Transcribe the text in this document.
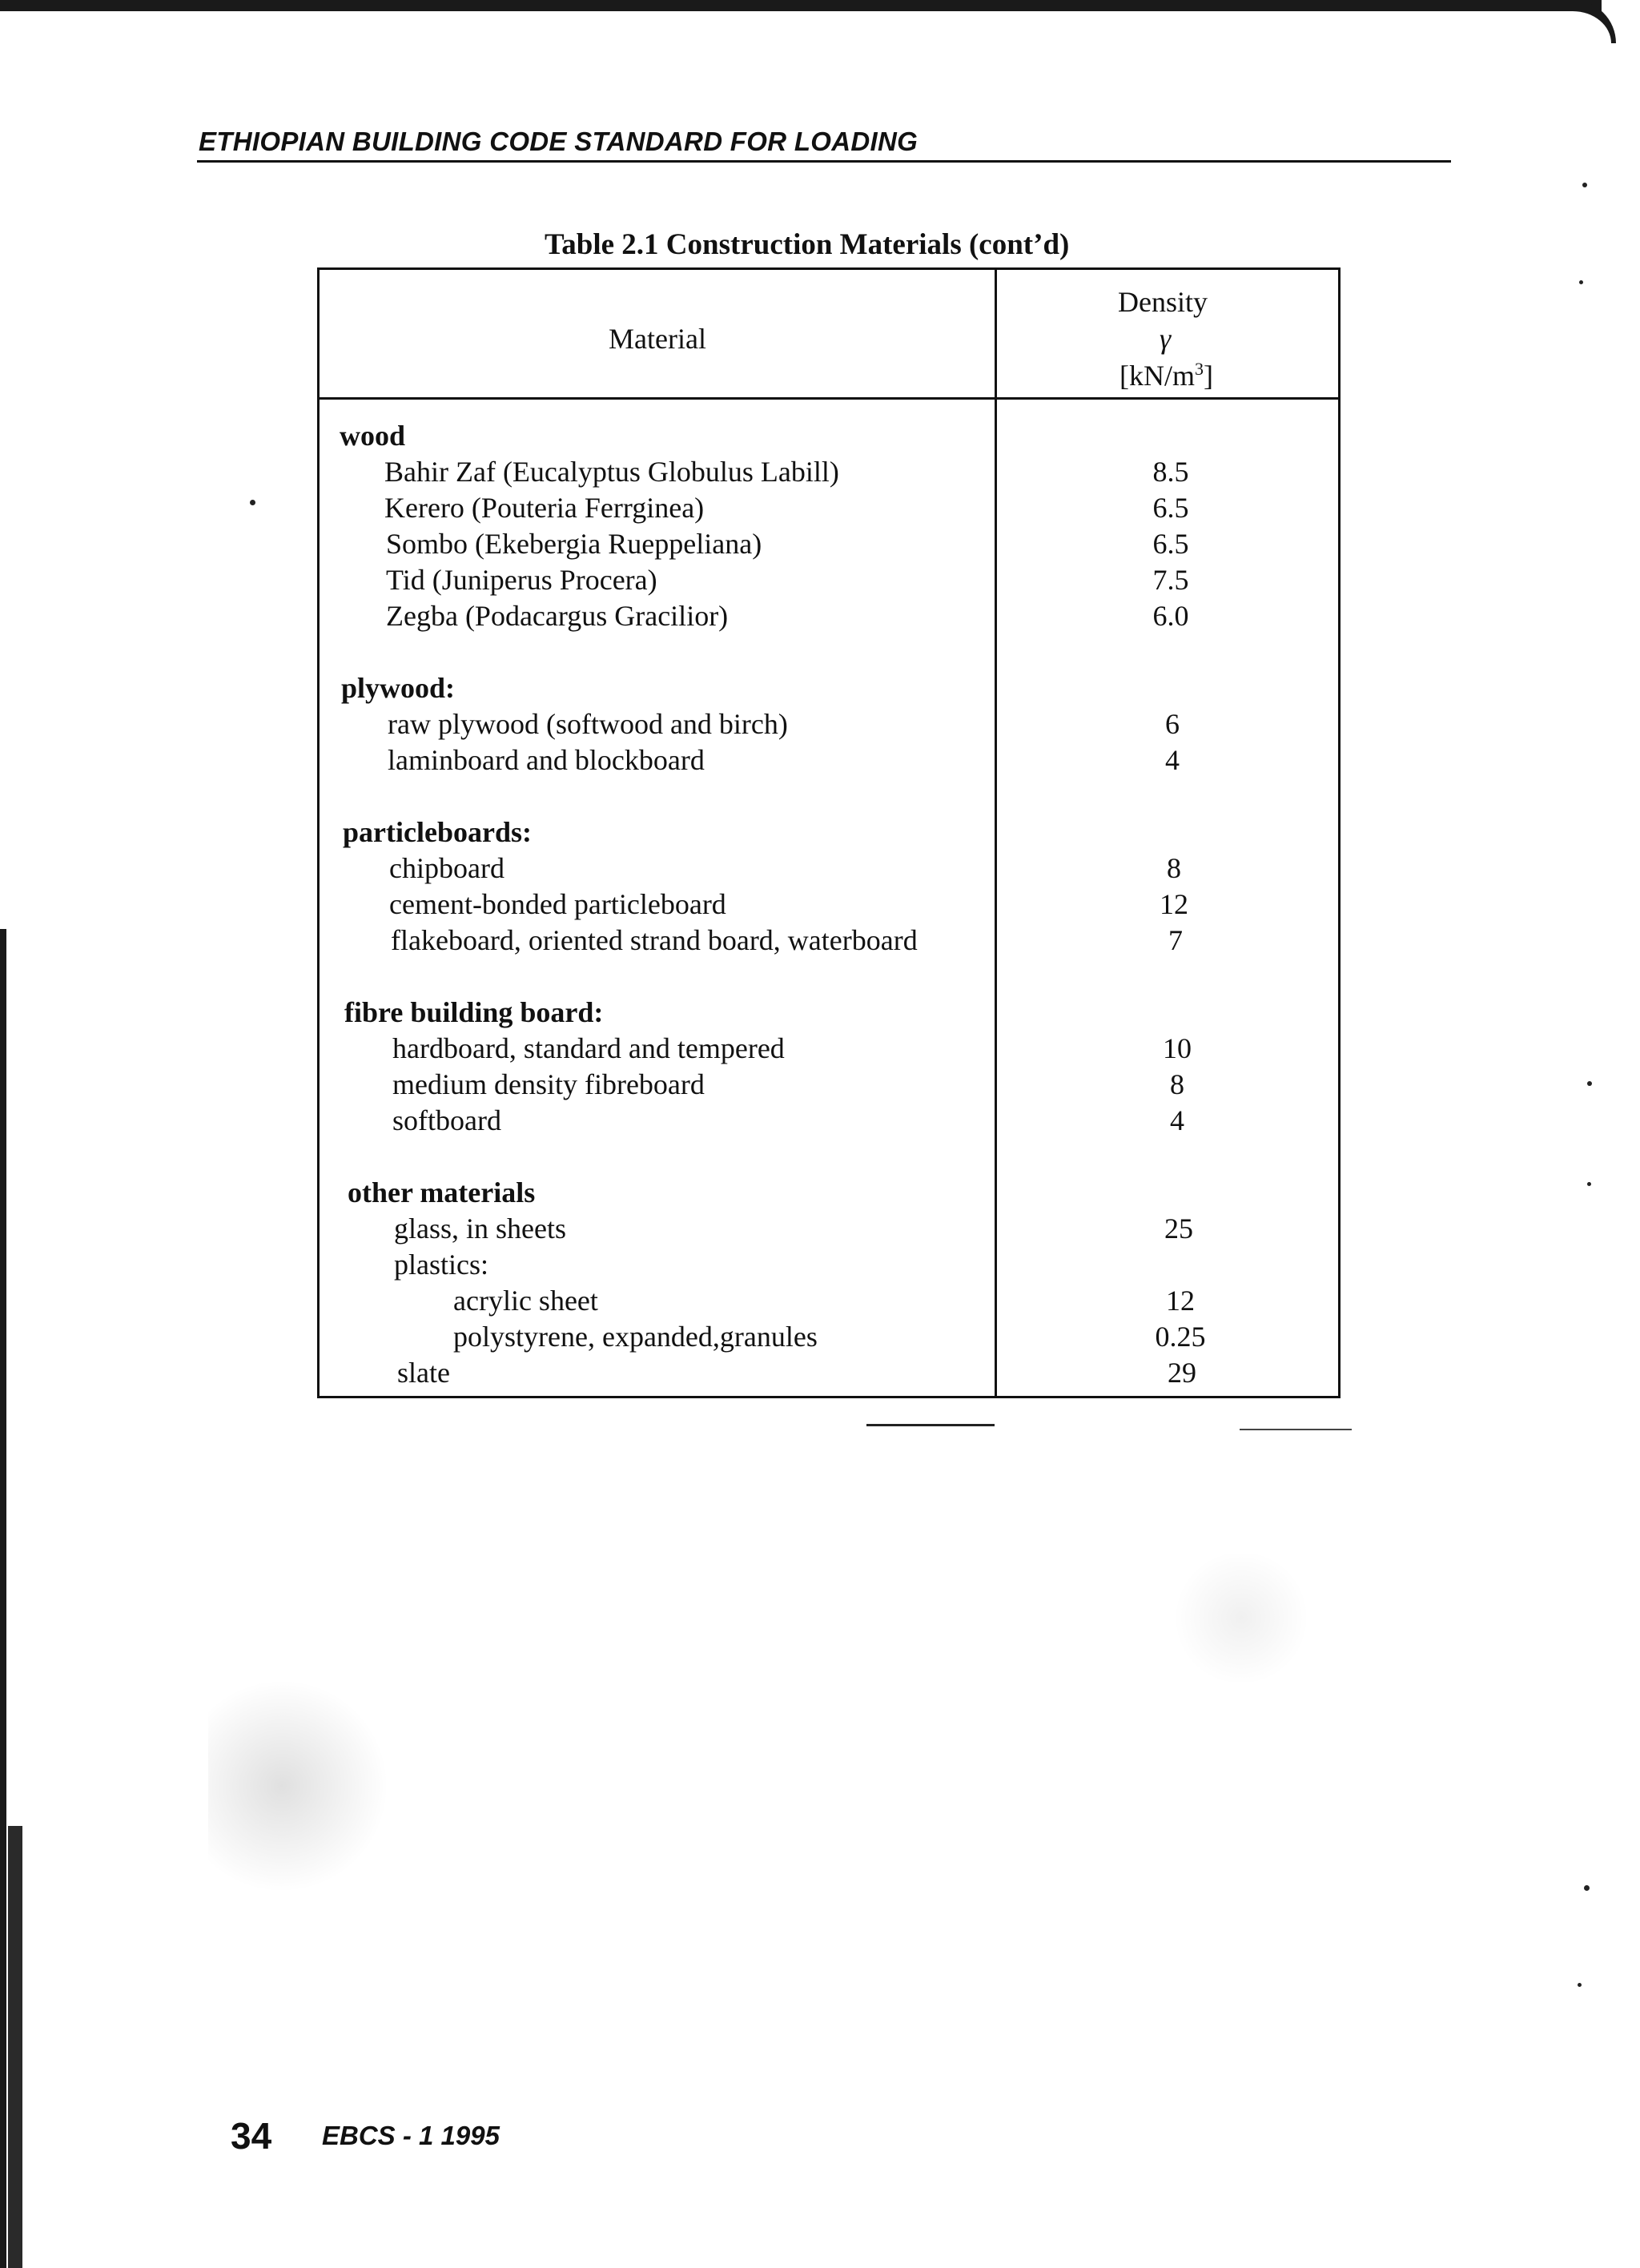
ETHIOPIAN BUILDING CODE STANDARD FOR LOADING
Table 2.1 Construction Materials (cont’d)
Material
Density
γ
$[kN/m^3]$
wood
Bahir Zaf (Eucalyptus Globulus Labill)	8.5
Kerero (Pouteria Ferrginea)	6.5
Sombo (Ekebergia Rueppeliana)	6.5
Tid (Juniperus Procera)	7.5
Zegba (Podacargus Gracilior)	6.0
plywood:
raw plywood (softwood and birch)	6
laminboard and blockboard	4
particleboards:
chipboard	8
cement-bonded particleboard	12
flakeboard, oriented strand board, waterboard	7
fibre building board:
hardboard, standard and tempered	10
medium density fibreboard	8
softboard	4
other materials
glass, in sheets	25
plastics:
acrylic sheet	12
polystyrene, expanded,granules	0.25
slate	29
34 EBCS - 1 1995
